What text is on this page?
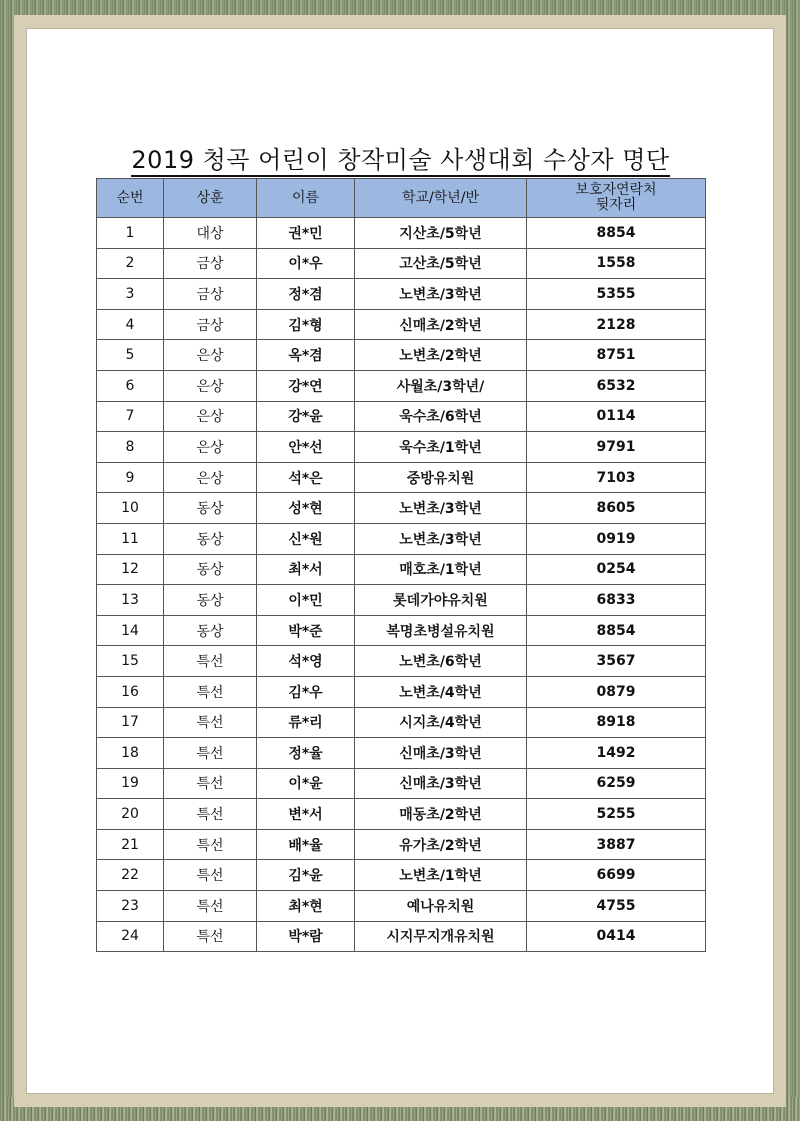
2019 청곡 어린이 창작미술 사생대회 수상자 명단
순번	상훈	이름	학교/학년/반	보호자연락처
뒷자리
1	대상	권*민	지산초/5학년	8854
2	금상	이*우	고산초/5학년	1558
3	금상	정*겸	노변초/3학년	5355
4	금상	김*형	신매초/2학년	2128
5	은상	옥*겸	노변초/2학년	8751
6	은상	강*연	사월초/3학년/	6532
7	은상	강*윤	욱수초/6학년	0114
8	은상	안*선	욱수초/1학년	9791
9	은상	석*은	중방유치원	7103
10	동상	성*현	노변초/3학년	8605
11	동상	신*원	노변초/3학년	0919
12	동상	최*서	매호초/1학년	0254
13	동상	이*민	롯데가야유치원	6833
14	동상	박*준	복명초병설유치원	8854
15	특선	석*영	노변초/6학년	3567
16	특선	김*우	노변초/4학년	0879
17	특선	류*리	시지초/4학년	8918
18	특선	정*율	신매초/3학년	1492
19	특선	이*윤	신매초/3학년	6259
20	특선	변*서	매동초/2학년	5255
21	특선	배*율	유가초/2학년	3887
22	특선	김*윤	노변초/1학년	6699
23	특선	최*현	예나유치원	4755
24	특선	박*람	시지무지개유치원	0414
